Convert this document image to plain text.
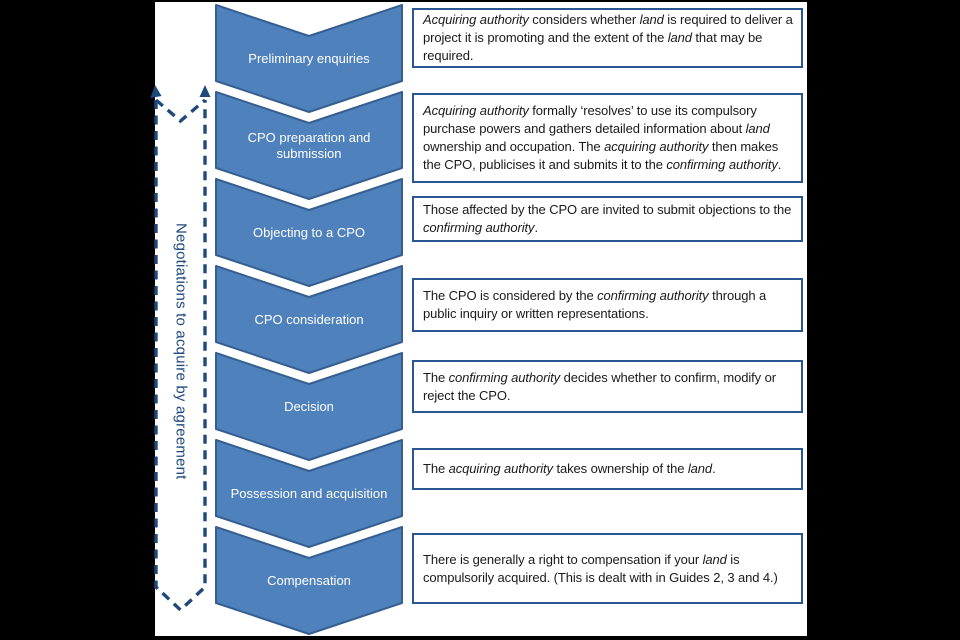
Negotiations to acquire by agreement
Preliminary enquiries
Acquiring authority considers whether land is required to deliver a project it is promoting and the extent of the land that may be required.
CPO preparation and submission
Acquiring authority formally ‘resolves’ to use its compulsory purchase powers and gathers detailed information about land ownership and occupation. The acquiring authority then makes the CPO, publicises it and submits it to the confirming authority.
Objecting to a CPO
Those affected by the CPO are invited to submit objections to the confirming authority.
CPO consideration
The CPO is considered by the confirming authority through a public inquiry or written representations.
Decision
The confirming authority decides whether to confirm, modify or reject the CPO.
Possession and acquisition
The acquiring authority takes ownership of the land.
Compensation
There is generally a right to compensation if your land is compulsorily acquired. (This is dealt with in Guides 2, 3 and 4.)
